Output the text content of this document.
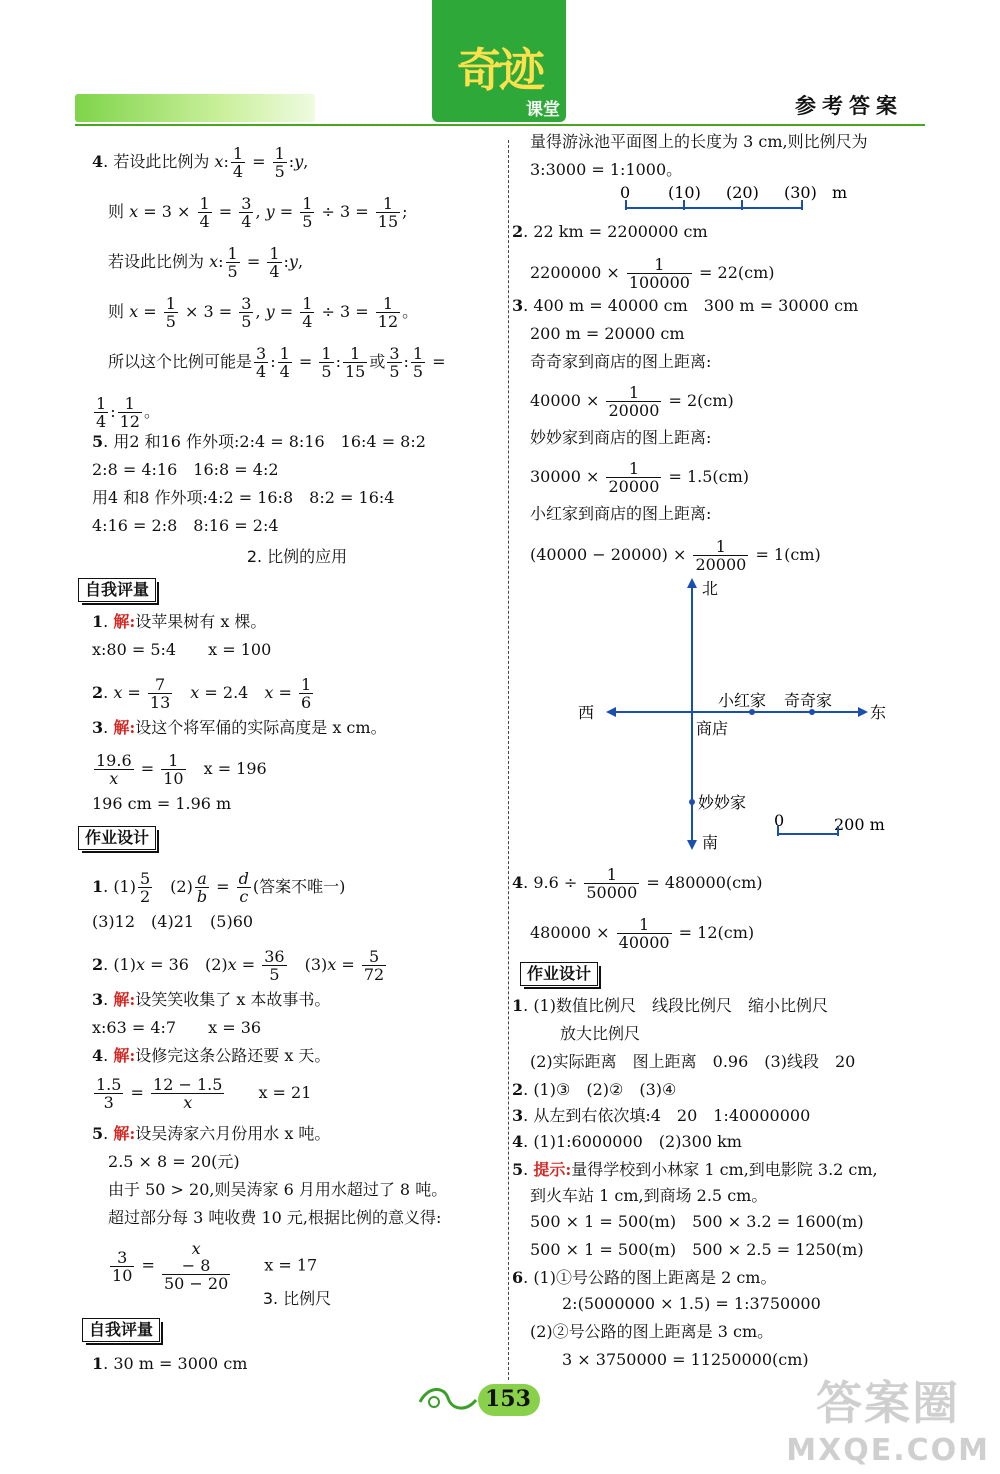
奇迹
课堂	参考答案
4. 若设此比例为 x: $\frac{1}{4} = \frac{1}{5}$ :y,
　则 $x = 3 \times \frac{1}{4} = \frac{3}{4}$ , $y = \frac{1}{5} \div 3 = \frac{1}{15}$ ;
　若设此比例为 x: $\frac{1}{5} = \frac{1}{4}$ :y,
　则 $x = \frac{1}{5} \times 3 = \frac{3}{5}$ , $y = \frac{1}{4} \div 3 = \frac{1}{12}$ 。
　所以这个比例可能是 $\frac{3}{4}$ : $\frac{1}{4} = \frac{1}{5}$ : $\frac{1}{15}$ 或 $\frac{3}{5}$ : $\frac{1}{5}$ =
$\frac{1}{4}$ : $\frac{1}{12}$ 。
5. 用2 和16 作外项:2:4 = 8:16　16:4 = 8:2
2:8 = 4:16　16:8 = 4:2
用4 和8 作外项:4:2 = 16:8　8:2 = 16:4
4:16 = 2:8　8:16 = 2:4
2. 比例的应用
自我评量
1. 解:设苹果树有 x 棵。
x:80 = 5:4　　x = 100
2. $x = \frac{7}{13}$
　 x = 2.4　$x = \frac{1}{6}$
3. 解:设这个将军俑的实际高度是 x cm。
$\frac{19.6}{x} = \frac{1}{10}$
　 x = 196
196 cm = 1.96 m
作业设计
1. $(1) \frac{5}{2}$ 　$(2) \frac{a}{b} = \frac{d}{c}$ (答案不唯一)
(3)12　(4)21　(5)60
2. (1)x = 36　$(2)x = \frac{36}{5}$ 　$(3)x = \frac{5}{72}$
3. 解:设笑笑收集了 x 本故事书。
x:63 = 4:7　　x = 36
4. 解:设修完这条公路还要 x 天。
$\frac{1.5}{3} = \frac{12 - 1.5}{x}$
　　 x = 21
5. 解:设吴涛家六月份用水 x 吨。
　2.5 × 8 = 20(元)
　由于 50 > 20,则吴涛家 6 月用水超过了 8 吨。
　超过部分每 3 吨收费 10 元,根据比例的意义得:

$\frac{3}{10} = x$
− 8
50 − 20
　　 x = 17
3. 比例尺
自我评量
1. 30 m = 3000 cm
量得游泳池平面图上的长度为 3 cm,则比例尺为
3:3000 = 1:1000。
0 (10) (20) (30) m
2. 22 km = 2200000 cm
$2200000 \times \frac{1}{100000} = 22(cm)$
3. 400 m = 40000 cm　300 m = 30000 cm
200 m = 20000 cm
奇奇家到商店的图上距离:
$40000 \times \frac{1}{20000} = 2(cm)$
妙妙家到商店的图上距离:
$30000 \times \frac{1}{20000} = 1.5(cm)$
小红家到商店的图上距离:
$(40000 - 20000) \times \frac{1}{20000} = 1(cm)$
北
南
西	东
小红家 奇奇家
商店
妙妙家
0	200 m
4. $9.6 \div \frac{1}{50000} = 480000(cm)$
$480000 \times \frac{1}{40000} = 12(cm)$
作业设计
1. (1)数值比例尺　线段比例尺　缩小比例尺
放大比例尺
(2)实际距离　图上距离　0.96　(3)线段　20
2. (1)③　(2)②　(3)④
3. 从左到右依次填:4　20　1:40000000
4. (1)1:6000000　(2)300 km
5. 提示:量得学校到小林家 1 cm,到电影院 3.2 cm,
到火车站 1 cm,到商场 2.5 cm。
500 × 1 = 500(m)　500 × 3.2 = 1600(m)
500 × 1 = 500(m)　500 × 2.5 = 1250(m)
6. (1)①号公路的图上距离是 2 cm。
2:(5000000 × 1.5) = 1:3750000
(2)②号公路的图上距离是 3 cm。
3 × 3750000 = 11250000(cm)
153	答案圈
MXQE.COM
